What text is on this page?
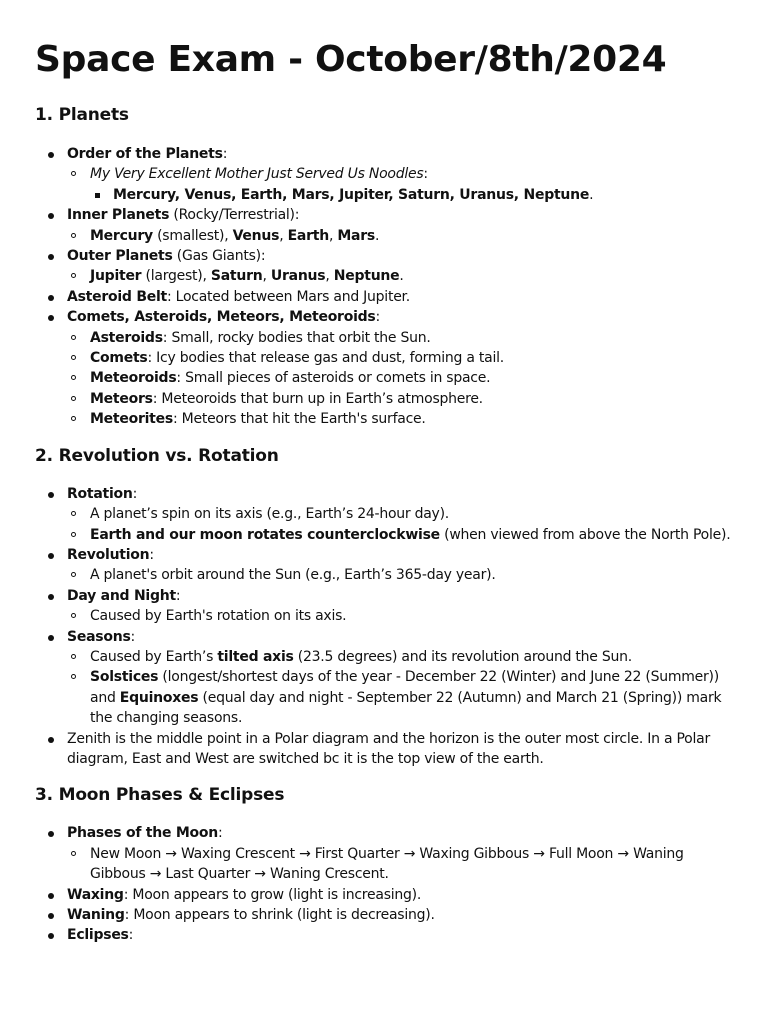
Space Exam - October/8th/2024
1. Planets
Order of the Planets:
My Very Excellent Mother Just Served Us Noodles:
Mercury, Venus, Earth, Mars, Jupiter, Saturn, Uranus, Neptune.
Inner Planets (Rocky/Terrestrial):
Mercury (smallest), Venus, Earth, Mars.
Outer Planets (Gas Giants):
Jupiter (largest), Saturn, Uranus, Neptune.
Asteroid Belt: Located between Mars and Jupiter.
Comets, Asteroids, Meteors, Meteoroids:
Asteroids: Small, rocky bodies that orbit the Sun.
Comets: Icy bodies that release gas and dust, forming a tail.
Meteoroids: Small pieces of asteroids or comets in space.
Meteors: Meteoroids that burn up in Earth’s atmosphere.
Meteorites: Meteors that hit the Earth's surface.
2. Revolution vs. Rotation
Rotation:
A planet’s spin on its axis (e.g., Earth’s 24-hour day).
Earth and our moon rotates counterclockwise (when viewed from above the North Pole).
Revolution:
A planet's orbit around the Sun (e.g., Earth’s 365-day year).
Day and Night:
Caused by Earth's rotation on its axis.
Seasons:
Caused by Earth’s tilted axis (23.5 degrees) and its revolution around the Sun.
Solstices (longest/shortest days of the year - December 22 (Winter) and June 22 (Summer)) and Equinoxes (equal day and night - September 22 (Autumn) and March 21 (Spring)) mark the changing seasons.
Zenith is the middle point in a Polar diagram and the horizon is the outer most circle. In a Polar diagram, East and West are switched bc it is the top view of the earth.
3. Moon Phases & Eclipses
Phases of the Moon:
New Moon → Waxing Crescent → First Quarter → Waxing Gibbous → Full Moon → Waning Gibbous → Last Quarter → Waning Crescent.
Waxing: Moon appears to grow (light is increasing).
Waning: Moon appears to shrink (light is decreasing).
Eclipses:
